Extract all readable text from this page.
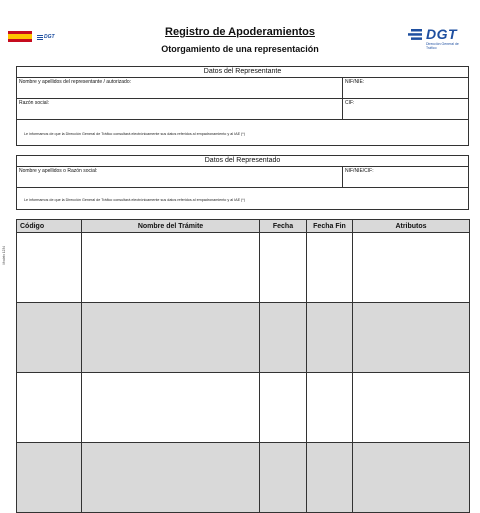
DGT	Registro de Apoderamientos
Otorgamiento de una representación
DGT
Dirección General de Tráfico
Datos del Representante
Nombre y apellidos del representante / autorizado:	NIF/NIE:
Razón social:	CIF:
Le informamos de que la Dirección General de Tráfico consultará electrónicamente sus datos referidos al empadronamiento y al IAE (*)
Datos del Representado
Nombre y apellidos o Razón social:	NIF/NIE/CIF:
Le informamos de que la Dirección General de Tráfico consultará electrónicamente sus datos referidos al empadronamiento y al IAE (*)
Modelo 1234
Código	Nombre del Trámite	Fecha	Fecha Fin	Atributos
